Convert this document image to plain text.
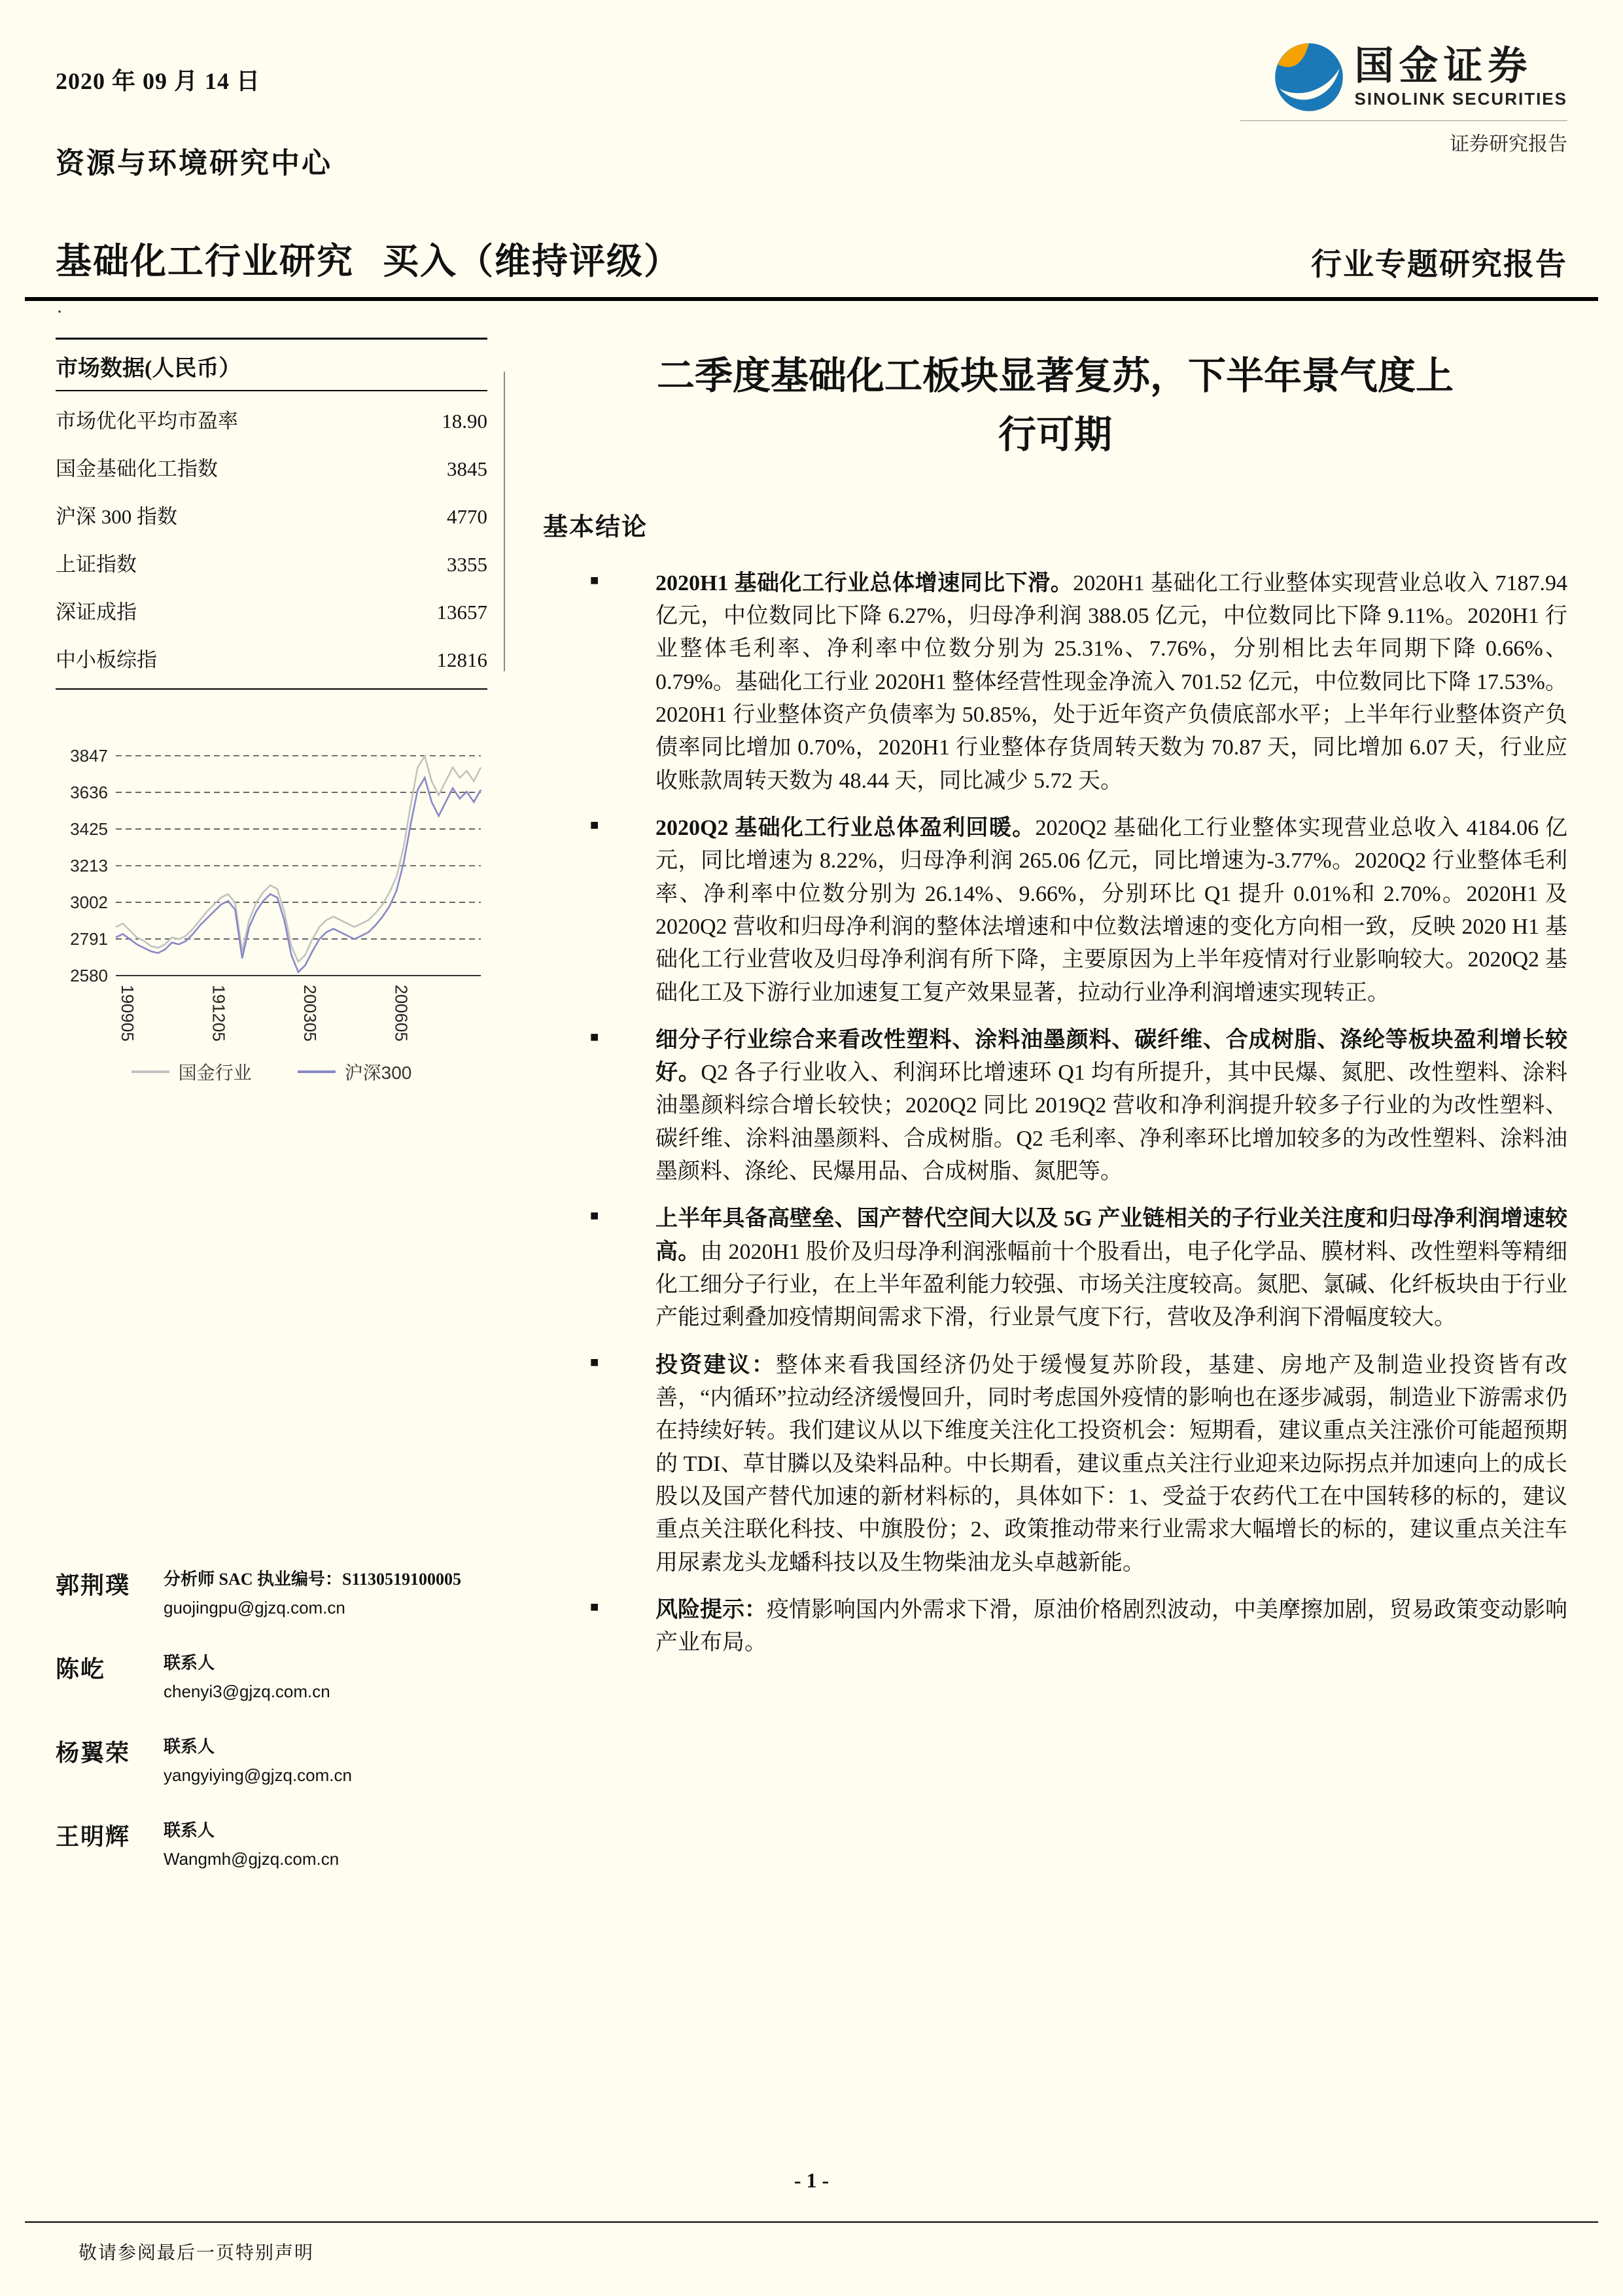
2020 年 09 月 14 日	国金证券
SINOLINK SECURITIES
证券研究报告
资源与环境研究中心
基础化工行业研究 买入（维持评级）	行业专题研究报告
·
市场数据(人民币）
市场优化平均市盈率	18.90
国金基础化工指数	3845
沪深 300 指数	4770
上证指数	3355
深证成指	13657
中小板综指	12816
3847
3636
3425
3213
3002
2791
2580
190905	191205	200305	200605
国金行业	沪深300
郭荆璞	分析师 SAC 执业编号：S1130519100005
guojingpu@gjzq.com.cn
陈屹	联系人
chenyi3@gjzq.com.cn
杨翼荣	联系人
yangyiying@gjzq.com.cn
王明辉	联系人
Wangmh@gjzq.com.cn
二季度基础化工板块显著复苏，下半年景气度上行可期
基本结论
■	2020H1 基础化工行业总体增速同比下滑。2020H1 基础化工行业整体实现营业总收入 7187.94 亿元，中位数同比下降 6.27%，归母净利润 388.05 亿元，中位数同比下降 9.11%。2020H1 行业整体毛利率、净利率中位数分别为 25.31%、7.76%，分别相比去年同期下降 0.66%、0.79%。基础化工行业 2020H1 整体经营性现金净流入 701.52 亿元，中位数同比下降 17.53%。2020H1 行业整体资产负债率为 50.85%，处于近年资产负债底部水平；上半年行业整体资产负债率同比增加 0.70%，2020H1 行业整体存货周转天数为 70.87 天，同比增加 6.07 天，行业应收账款周转天数为 48.44 天，同比减少 5.72 天。
■	2020Q2 基础化工行业总体盈利回暖。2020Q2 基础化工行业整体实现营业总收入 4184.06 亿元，同比增速为 8.22%，归母净利润 265.06 亿元，同比增速为-3.77%。2020Q2 行业整体毛利率、净利率中位数分别为 26.14%、9.66%，分别环比 Q1 提升 0.01%和 2.70%。2020H1 及 2020Q2 营收和归母净利润的整体法增速和中位数法增速的变化方向相一致，反映 2020 H1 基础化工行业营收及归母净利润有所下降，主要原因为上半年疫情对行业影响较大。2020Q2 基础化工及下游行业加速复工复产效果显著，拉动行业净利润增速实现转正。
■	细分子行业综合来看改性塑料、涂料油墨颜料、碳纤维、合成树脂、涤纶等板块盈利增长较好。Q2 各子行业收入、利润环比增速环 Q1 均有所提升，其中民爆、氮肥、改性塑料、涂料油墨颜料综合增长较快；2020Q2 同比 2019Q2 营收和净利润提升较多子行业的为改性塑料、碳纤维、涂料油墨颜料、合成树脂。Q2 毛利率、净利率环比增加较多的为改性塑料、涂料油墨颜料、涤纶、民爆用品、合成树脂、氮肥等。
■	上半年具备高壁垒、国产替代空间大以及 5G 产业链相关的子行业关注度和归母净利润增速较高。由 2020H1 股价及归母净利润涨幅前十个股看出，电子化学品、膜材料、改性塑料等精细化工细分子行业，在上半年盈利能力较强、市场关注度较高。氮肥、氯碱、化纤板块由于行业产能过剩叠加疫情期间需求下滑，行业景气度下行，营收及净利润下滑幅度较大。
■	投资建议：整体来看我国经济仍处于缓慢复苏阶段，基建、房地产及制造业投资皆有改善，“内循环”拉动经济缓慢回升，同时考虑国外疫情的影响也在逐步减弱，制造业下游需求仍在持续好转。我们建议从以下维度关注化工投资机会：短期看，建议重点关注涨价可能超预期的 TDI、草甘膦以及染料品种。中长期看，建议重点关注行业迎来边际拐点并加速向上的成长股以及国产替代加速的新材料标的，具体如下：1、受益于农药代工在中国转移的标的，建议重点关注联化科技、中旗股份；2、政策推动带来行业需求大幅增长的标的，建议重点关注车用尿素龙头龙蟠科技以及生物柴油龙头卓越新能。
■	风险提示：疫情影响国内外需求下滑，原油价格剧烈波动，中美摩擦加剧，贸易政策变动影响产业布局。
- 1 -
敬请参阅最后一页特别声明
